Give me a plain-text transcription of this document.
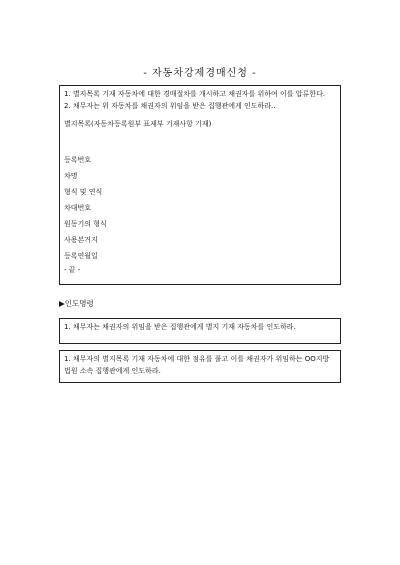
- 자동차강제경매신청 -
1. 별지목록 기재 자동차에 대한 경매절차를 개시하고 채권자를 위하여 이를 압류한다.
2. 채무자는 위 자동차를 채권자의 위임을 받은 집행관에게 인도하라..
별지목록(자동차등록원부 표제부 기재사항 기재)
등록번호
차명
형식 및 연식
차대번호
원동기의 형식
사용본거지
등록연월일
- 끝 -
▶인도명령
1. 채무자는 채권자의 위임을 받은 집행관에게 별지 기재 자동차를 인도하라.
1. 채무자의 별지목록 기재 자동차에 대한 점유를 풀고 이를 채권자가 위임하는 OO지방법원 소속 집행관에게 인도하라.
